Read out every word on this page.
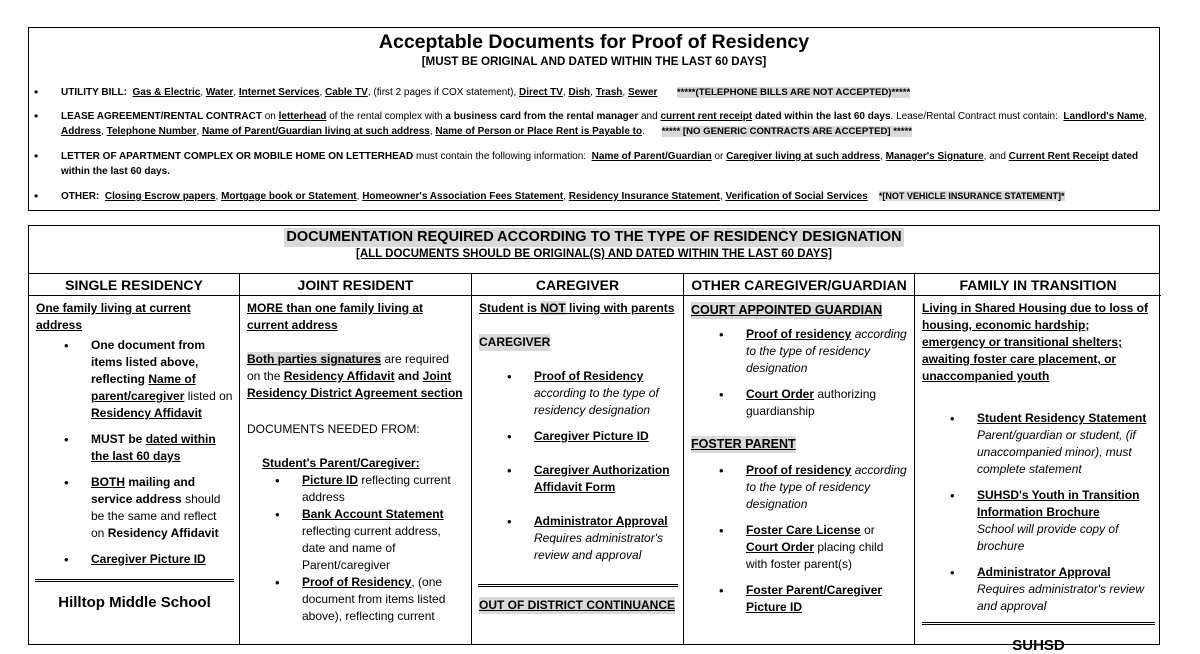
Acceptable Documents for Proof of Residency
[MUST BE ORIGINAL AND DATED WITHIN THE LAST 60 DAYS]
• UTILITY BILL: Gas & Electric, Water, Internet Services, Cable TV, (first 2 pages if COX statement), Direct TV, Dish, Trash, Sewer *****(TELEPHONE BILLS ARE NOT ACCEPTED)*****
• LEASE AGREEMENT/RENTAL CONTRACT on letterhead of the rental complex with a business card from the rental manager and current rent receipt dated within the last 60 days. Lease/Rental Contract must contain: Landlord's Name, Address, Telephone Number, Name of Parent/Guardian living at such address, Name of Person or Place Rent is Payable to.      ***** [NO GENERIC CONTRACTS ARE ACCEPTED] *****
• LETTER OF APARTMENT COMPLEX OR MOBILE HOME ON LETTERHEAD must contain the following information: Name of Parent/Guardian or Caregiver living at such address, Manager's Signature, and Current Rent Receipt dated within the last 60 days.
• OTHER: Closing Escrow papers, Mortgage book or Statement, Homeowner's Association Fees Statement, Residency Insurance Statement, Verification of Social Services *[NOT VEHICLE INSURANCE STATEMENT]*
DOCUMENTATION REQUIRED ACCORDING TO THE TYPE OF RESIDENCY DESIGNATION
[ALL DOCUMENTS SHOULD BE ORIGINAL(S) AND DATED WITHIN THE LAST 60 DAYS]
SINGLE RESIDENCY
One family living at current address
• One document from items listed above, reflecting Name of parent/caregiver listed on Residency Affidavit
• MUST be dated within the last 60 days
• BOTH mailing and service address should be the same and reflect on Residency Affidavit
• Caregiver Picture ID
Hilltop Middle School
JOINT RESIDENT
MORE than one family living at current address
Both parties signatures are required on the Residency Affidavit and Joint Residency District Agreement section
DOCUMENTS NEEDED FROM:
Student's Parent/Caregiver:
• Picture ID reflecting current address
• Bank Account Statement reflecting current address, date and name of Parent/caregiver
• Proof of Residency, (one document from items listed above), reflecting current
CAREGIVER
Student is NOT living with parents CAREGIVER
• Proof of Residency
according to the type of residency designation
• Caregiver Picture ID
• Caregiver Authorization Affidavit Form
• Administrator Approval
Requires administrator's review and approval
OUT OF DISTRICT CONTINUANCE
OTHER CAREGIVER/GUARDIAN
COURT APPOINTED GUARDIAN
• Proof of residency according to the type of residency designation
• Court Order authorizing guardianship
FOSTER PARENT
• Proof of residency according to the type of residency designation
• Foster Care License or Court Order placing child with foster parent(s)
• Foster Parent/Caregiver Picture ID
FAMILY IN TRANSITION
Living in Shared Housing due to loss of housing, economic hardship; emergency or transitional shelters; awaiting foster care placement, or unaccompanied youth
• Student Residency Statement
Parent/guardian or student, (if unaccompanied minor), must complete statement
• SUHSD's Youth in Transition Information Brochure
School will provide copy of brochure
• Administrator Approval
Requires administrator's review and approval
SUHSD
